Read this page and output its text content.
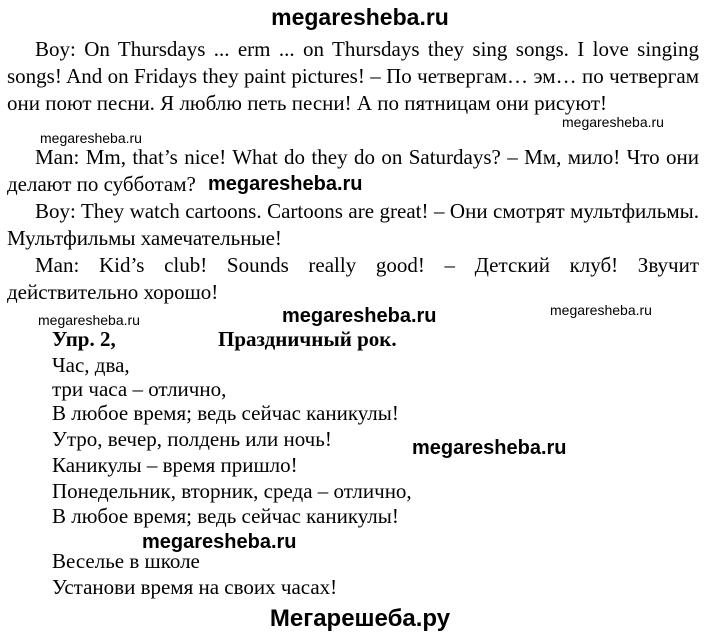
megaresheba.ru

Boy: On Thursdays ... erm ... on Thursdays they sing songs. I love singing songs! And on Fridays they paint pictures! – По четвергам… эм… по четвергам они поют песни. Я люблю петь песни! А по пятницам они рисуют!

Man: Mm, that’s nice! What do they do on Saturdays? – Мм, мило! Что они делают по субботам?

Boy: They watch cartoons. Cartoons are great! – Они смотрят мультфильмы. Мультфильмы хамечательные!

Man: Kid’s club! Sounds really good! – Детский клуб! Звучит действительно хорошо!

megaresheba.ru
megaresheba.ru
megaresheba.ru
megaresheba.ru
megaresheba.ru
megaresheba.ru
megaresheba.ru
megaresheba.ru
Упр. 2,	Праздничный рок.
Час, два,
три часа – отлично,
В любое время; ведь сейчас каникулы!
Утро, вечер, полдень или ночь!
Каникулы – время пришло!
Понедельник, вторник, среда – отлично,
В любое время; ведь сейчас каникулы!
Веселье в школе
Установи время на своих часах!
Мегарешеба.ру
